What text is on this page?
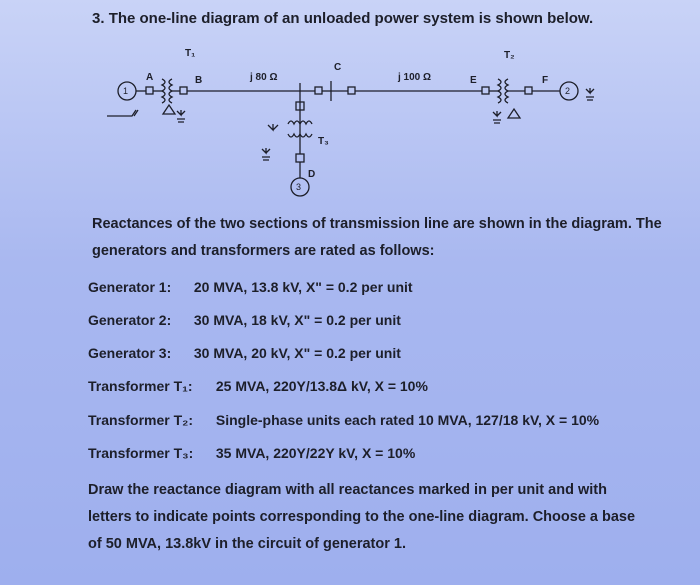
3. The one-line diagram of an unloaded power system is shown below.
T₁	T₂
T₃
A	B
C
D
E	F
1	2
3
j 80 Ω	j 100 Ω
Reactances of the two sections of transmission line are shown in the diagram. The generators and transformers are rated as follows:
Generator 1: 20 MVA, 13.8 kV, X" = 0.2 per unit
Generator 2: 30 MVA, 18 kV, X" = 0.2 per unit
Generator 3: 30 MVA, 20 kV, X" = 0.2 per unit
Transformer T₁: 25 MVA, 220Y/13.8Δ kV, X = 10%
Transformer T₂: Single-phase units each rated 10 MVA, 127/18 kV, X = 10%
Transformer T₃: 35 MVA, 220Y/22Y kV, X = 10%
Draw the reactance diagram with all reactances marked in per unit and with letters to indicate points corresponding to the one-line diagram. Choose a base of 50 MVA, 13.8kV in the circuit of generator 1.
